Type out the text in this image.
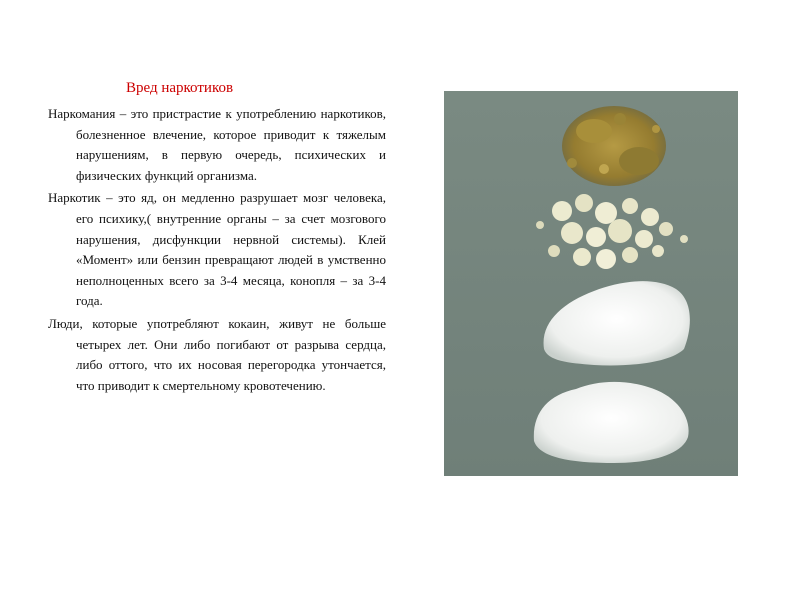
Вред наркотиков

Наркомания – это пристрастие к употреблению наркотиков, болезненное влечение, которое приводит к тяжелым нарушениям, в первую очередь, психических и физических функций организма.

Наркотик – это яд, он медленно разрушает мозг человека, его психику,( внутренние органы – за счет мозгового нарушения, дисфункции нервной системы). Клей «Момент» или бензин превращают людей в умственно неполноценных всего за 3-4 месяца, конопля – за 3-4 года.

Люди, которые употребляют кокаин, живут не больше четырех лет. Они либо погибают от разрыва сердца, либо оттого, что их носовая перегородка утончается, что приводит к смертельному кровотечению.
